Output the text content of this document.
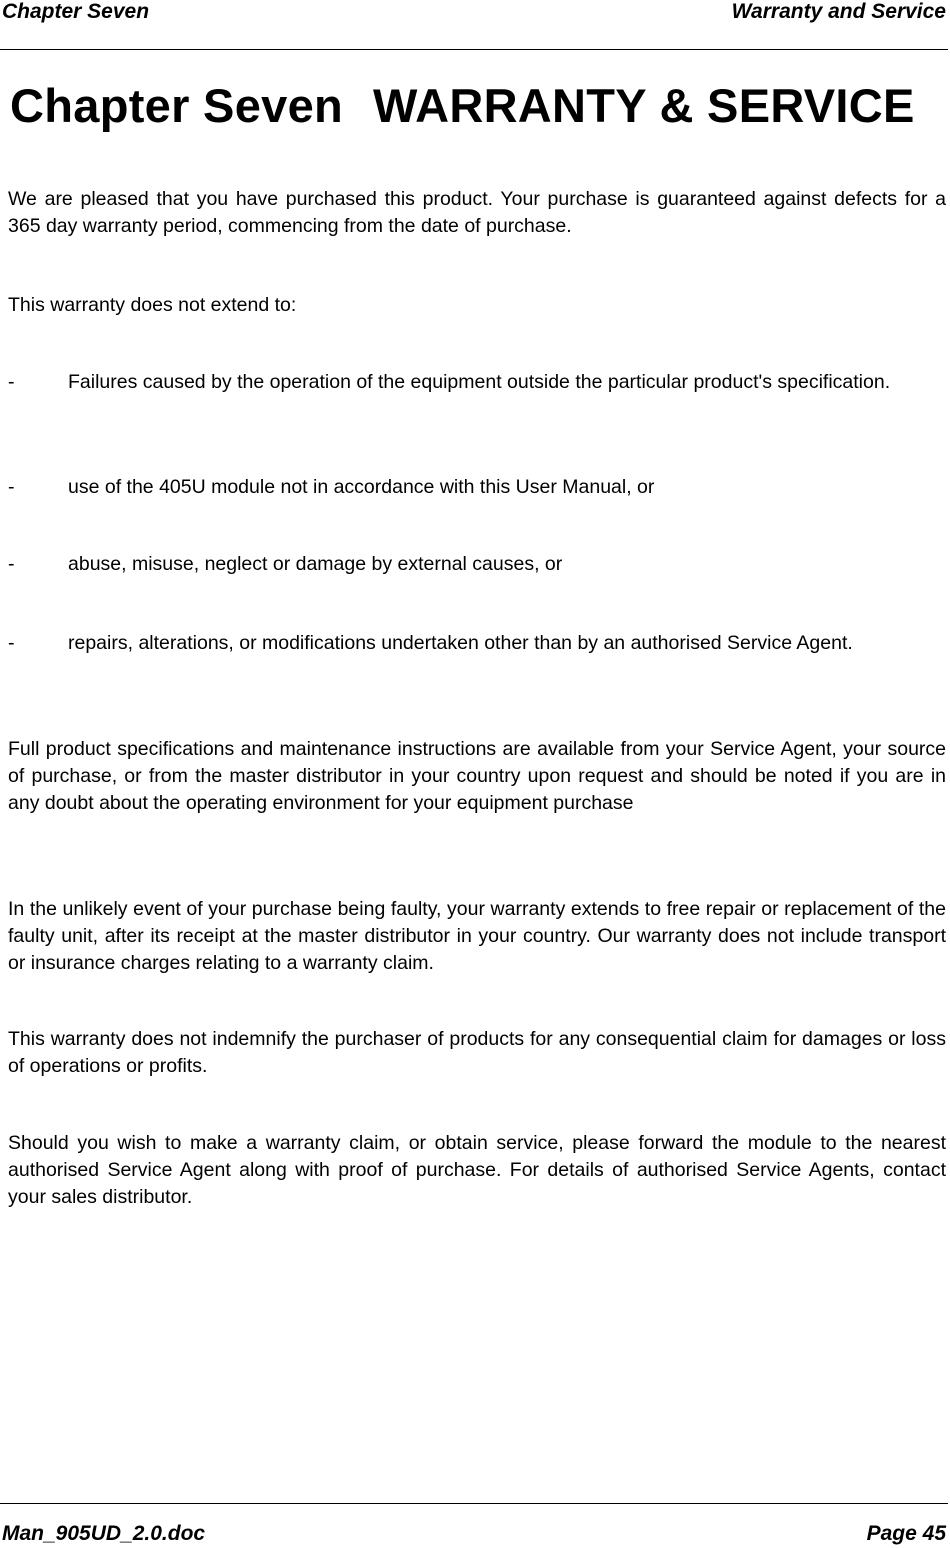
Chapter Seven	Warranty and Service
Chapter Seven WARRANTY & SERVICE
We are pleased that you have purchased this product. Your purchase is guaranteed against defects for a 365 day warranty period, commencing from the date of purchase.
This warranty does not extend to:
-	Failures caused by the operation of the equipment outside the particular product's specification.
-	use of the 405U module not in accordance with this User Manual, or
-	abuse, misuse, neglect or damage by external causes, or
-	repairs, alterations, or modifications undertaken other than by an authorised Service Agent.
Full product specifications and maintenance instructions are available from your Service Agent, your source of purchase, or from the master distributor in your country upon request and should be noted if you are in any doubt about the operating environment for your equipment purchase
In the unlikely event of your purchase being faulty, your warranty extends to free repair or replacement of the faulty unit, after its receipt at the master distributor in your country. Our warranty does not include transport or insurance charges relating to a warranty claim.
This warranty does not indemnify the purchaser of products for any consequential claim for damages or loss of operations or profits.
Should you wish to make a warranty claim, or obtain service, please forward the module to the nearest authorised Service Agent along with proof of purchase. For details of authorised Service Agents, contact your sales distributor.
Man_905UD_2.0.doc	Page 45
